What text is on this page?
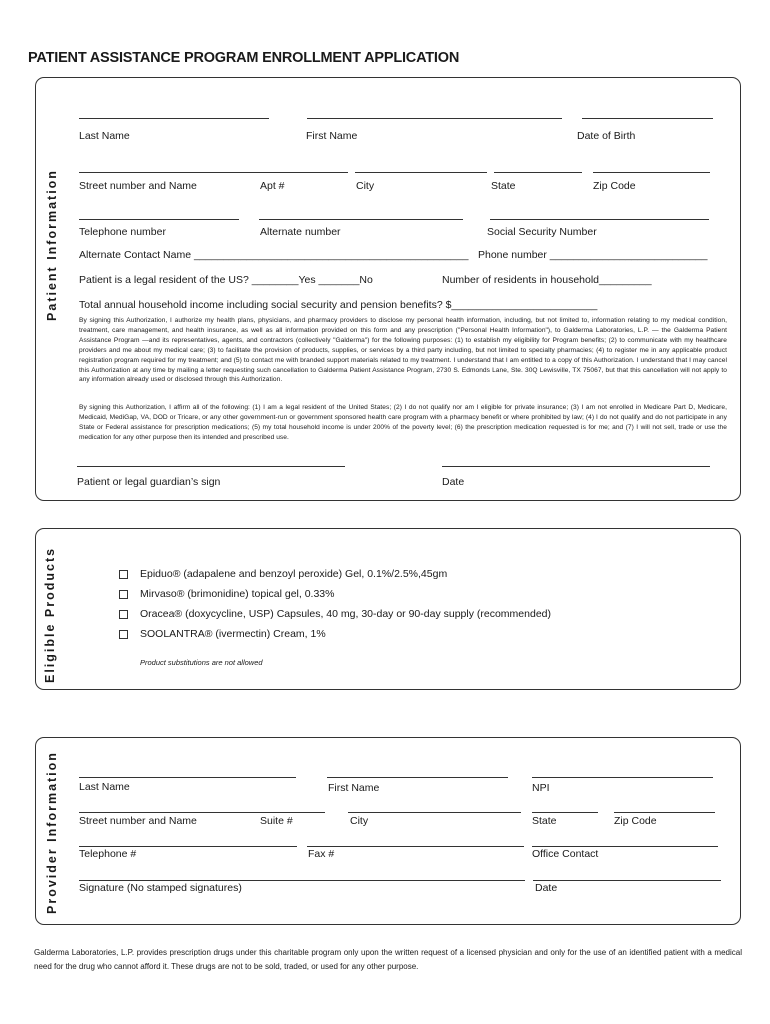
PATIENT ASSISTANCE PROGRAM ENROLLMENT APPLICATION
Patient Information
Last Name	First Name	Date of Birth
Street number and Name	Apt #	City	State	Zip Code
Telephone number	Alternate number	Social Security Number
Alternate Contact Name _______________________________________________ Phone number ___________________________
Patient is a legal resident of the US? ________Yes _______No	Number of residents in household_________
Total annual household income including social security and pension benefits? $_________________________
By signing this Authorization, I authorize my health plans, physicians, and pharmacy providers to disclose my personal health information, including, but not limited to, information relating to my medical condition, treatment, care management, and health insurance, as well as all information provided on this form and any prescription ("Personal Health Information"), to Galderma Laboratories, L.P. — the Galderma Patient Assistance Program —and its representatives, agents, and contractors (collectively "Galderma") for the following purposes: (1) to establish my eligibility for Program benefits; (2) to communicate with my healthcare providers and me about my medical care; (3) to facilitate the provision of products, supplies, or services by a third party including, but not limited to specialty pharmacies; (4) to register me in any applicable product registration program required for my treatment; and (5) to contact me with branded support materials related to my treatment. I understand that I am entitled to a copy of this Authorization. I understand that I may cancel this Authorization at any time by mailing a letter requesting such cancellation to Galderma Patient Assistance Program, 2730 S. Edmonds Lane, Ste. 30Q Lewisville, TX 75067, but that this cancellation will not apply to any information already used or disclosed through this Authorization.
By signing this Authorization, I affirm all of the following: (1) I am a legal resident of the United States; (2) I do not qualify nor am I eligible for private insurance; (3) I am not enrolled in Medicare Part D, Medicare, Medicaid, MediGap, VA, DOD or Tricare, or any other government-run or government sponsored health care program with a pharmacy benefit or where prohibited by law; (4) I do not qualify and do not participate in any State or Federal assistance for prescription medications; (5) my total household income is under 200% of the poverty level; (6) the prescription medication requested is for me; and (7) I will not sell, trade or use the medication for any other purpose then its intended and prescribed use.
Patient or legal guardian’s sign	Date
Eligible Products	Epiduo® (adapalene and benzoyl peroxide) Gel, 0.1%/2.5%,45gm
Mirvaso® (brimonidine) topical gel, 0.33%
Oracea® (doxycycline, USP) Capsules, 40 mg, 30-day or 90-day supply (recommended)
SOOLANTRA® (ivermectin) Cream, 1%
Product substitutions are not allowed
Provider Information Last Name	First Name	NPI
Street number and Name	Suite #	City	State	Zip Code
Telephone #	Fax #	Office Contact
Signature (No stamped signatures)	Date
Galderma Laboratories, L.P. provides prescription drugs under this charitable program only upon the written request of a licensed physician and only for the use of an identified patient with a medical need for the drug who cannot afford it. These drugs are not to be sold, traded, or used for any other purpose.
